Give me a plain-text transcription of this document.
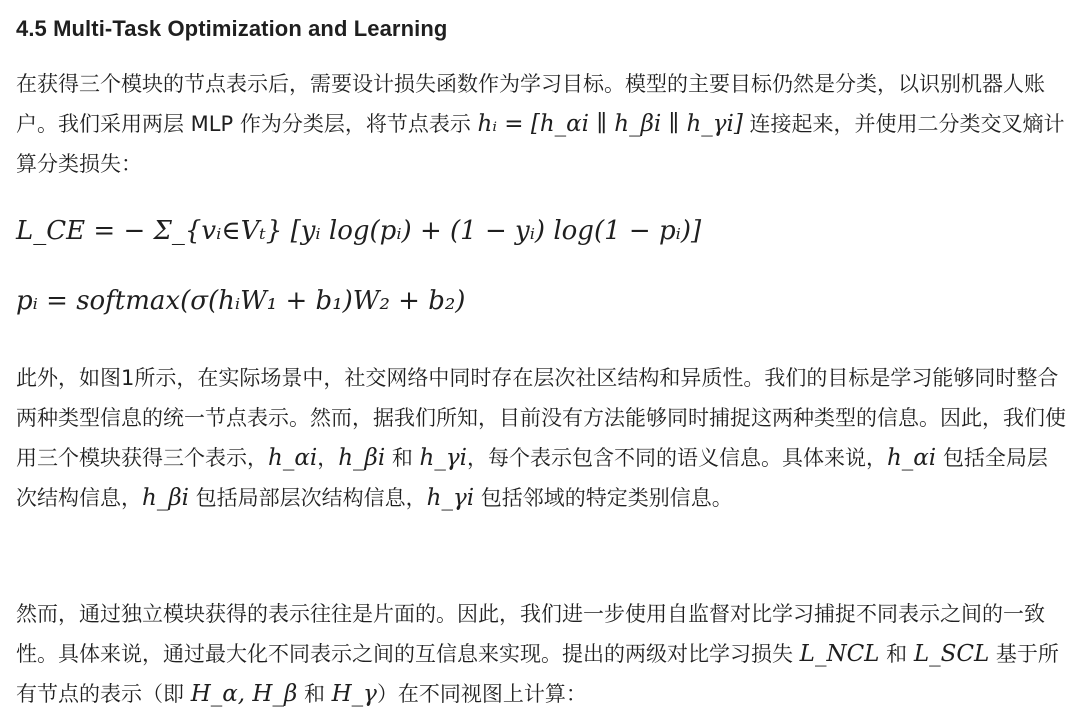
4.5 Multi-Task Optimization and Learning

在获得三个模块的节点表示后，需要设计损失函数作为学习目标。模型的主要目标仍然是分类，以识别机器人账户。我们采用两层 MLP 作为分类层，将节点表示 hᵢ = [h_αi ∥ h_βi ∥ h_γi] 连接起来，并使用二分类交叉熵计算分类损失：

L_CE = − Σ_{vᵢ∈Vₜ} [yᵢ log(pᵢ) + (1 − yᵢ) log(1 − pᵢ)]
pᵢ = softmax(σ(hᵢW₁ + b₁)W₂ + b₂)

此外，如图1所示，在实际场景中，社交网络中同时存在层次社区结构和异质性。我们的目标是学习能够同时整合两种类型信息的统一节点表示。然而，据我们所知，目前没有方法能够同时捕捉这两种类型的信息。因此，我们使用三个模块获得三个表示，h_αi，h_βi 和 h_γi，每个表示包含不同的语义信息。具体来说，h_αi 包括全局层次结构信息，h_βi 包括局部层次结构信息，h_γi 包括邻域的特定类别信息。

然而，通过独立模块获得的表示往往是片面的。因此，我们进一步使用自监督对比学习捕捉不同表示之间的一致性。具体来说，通过最大化不同表示之间的互信息来实现。提出的两级对比学习损失 L_NCL 和 L_SCL 基于所有节点的表示（即 H_α, H_β 和 H_γ）在不同视图上计算：
